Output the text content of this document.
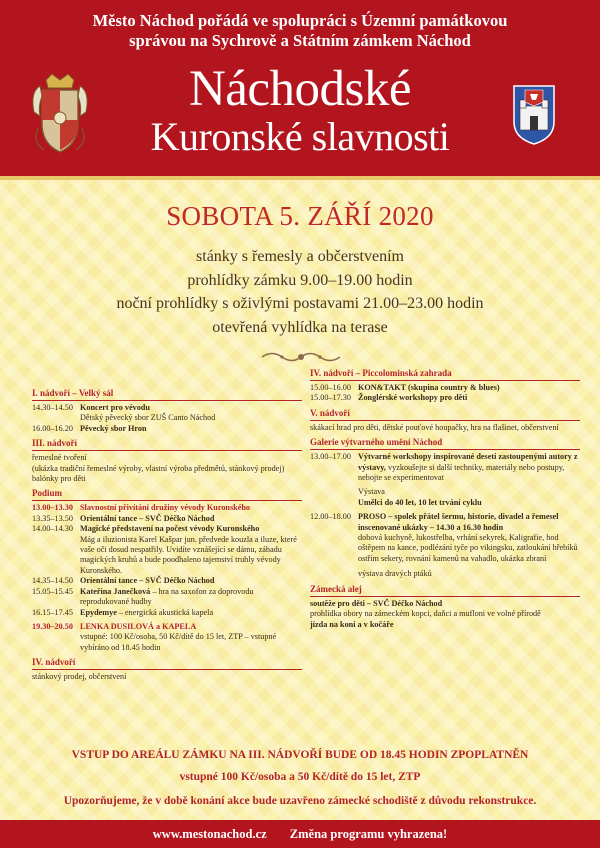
Město Náchod pořádá ve spolupráci s Územní památkovou
správou na Sychrově a Státním zámkem Náchod
Náchodské
Kuronské slavnosti
SOBOTA 5. ZÁŘÍ 2020
stánky s řemesly a občerstvením
prohlídky zámku 9.00–19.00 hodin
noční prohlídky s oživlými postavami 21.00–23.00 hodin
otevřená vyhlídka na terase
I. nádvoří – Velký sál
14.30–14.50 Koncert pro vévodu
Dětský pěvecký sbor ZUŠ Canto Náchod
16.00–16.20 Pěvecký sbor Hron
III. nádvoří
řemeslné tvoření
(ukázka tradiční řemeslné výroby, vlastní výroba předmětů, stánkový prodej)
balónky pro děti
Podium
13.00–13.30 Slavnostní přivítání družiny vévody Kuronského
13.35–13.50 Orientální tance – SVČ Déčko Náchod
14.00–14.30 Magické představení na počest vévody Kuronského
Mág a iluzionista Karel Kašpar jun. předvede kouzla a iluze, které vaše oči dosud nespatřily. Uvidíte vznášející se dámu, záhadu magických kruhů a bude poodhaleno tajemství truhly vévody Kuronského.
14.35–14.50 Orientální tance – SVČ Déčko Náchod
15.05–15.45 Kateřina Janečková – hra na saxofon za doprovodu reprodukované hudby
16.15–17.45 Epydemye – energická akustická kapela
19.30–20.50 LENKA DUSILOVÁ a KAPELA
vstupné: 100 Kč/osoba, 50 Kč/dítě do 15 let, ZTP – vstupné vybíráno od 18.45 hodin
IV. nádvoří
stánkový prodej, občerstvení
IV. nádvoří – Piccolominská zahrada
15.00–16.00 KON&TAKT (skupina country & blues)
15.00–17.30 Žonglérské workshopy pro děti
V. nádvoří
skákací hrad pro děti, dětské pouťové houpačky, hra na flašinet, občerstvení
Galerie výtvarného umění Náchod
13.00–17.00 Výtvarné workshopy inspirované deseti zastoupenými autory z výstavy, vyzkoušejte si další techniky, materiály nebo postupy, nebojte se experimentovat
Výstava
Umělci do 40 let, 10 let trvání cyklu
12.00–18.00 PROSO – spolek přátel šermu, historie, divadel a řemesel
inscenované ukázky – 14.30 a 16.30 hodin
dobová kuchyně, lukostřelba, vrhání sekyrek, Kaligrafie, hod oštěpem na kance, podlézání tyče po vikingsku, zatloukání hřebíků ostřím sekery, rovnání kamenů na vahadlo, ukázka zbraní
výstava dravých ptáků
Zámecká alej
soutěže pro děti – SVČ Déčko Náchod
prohlídka obory na zámeckém kopci, daňci a muflonі ve volné přírodě
jízda na koni a v kočáře
VSTUP DO AREÁLU ZÁMKU NA III. NÁDVOŘÍ BUDE OD 18.45 HODIN ZPOPLATNĚN
vstupné 100 Kč/osoba a 50 Kč/dítě do 15 let, ZTP
Upozorňujeme, že v době konání akce bude uzavřeno zámecké schodiště z důvodu rekonstrukce.
www.mestonachod.cz Změna programu vyhrazena!
